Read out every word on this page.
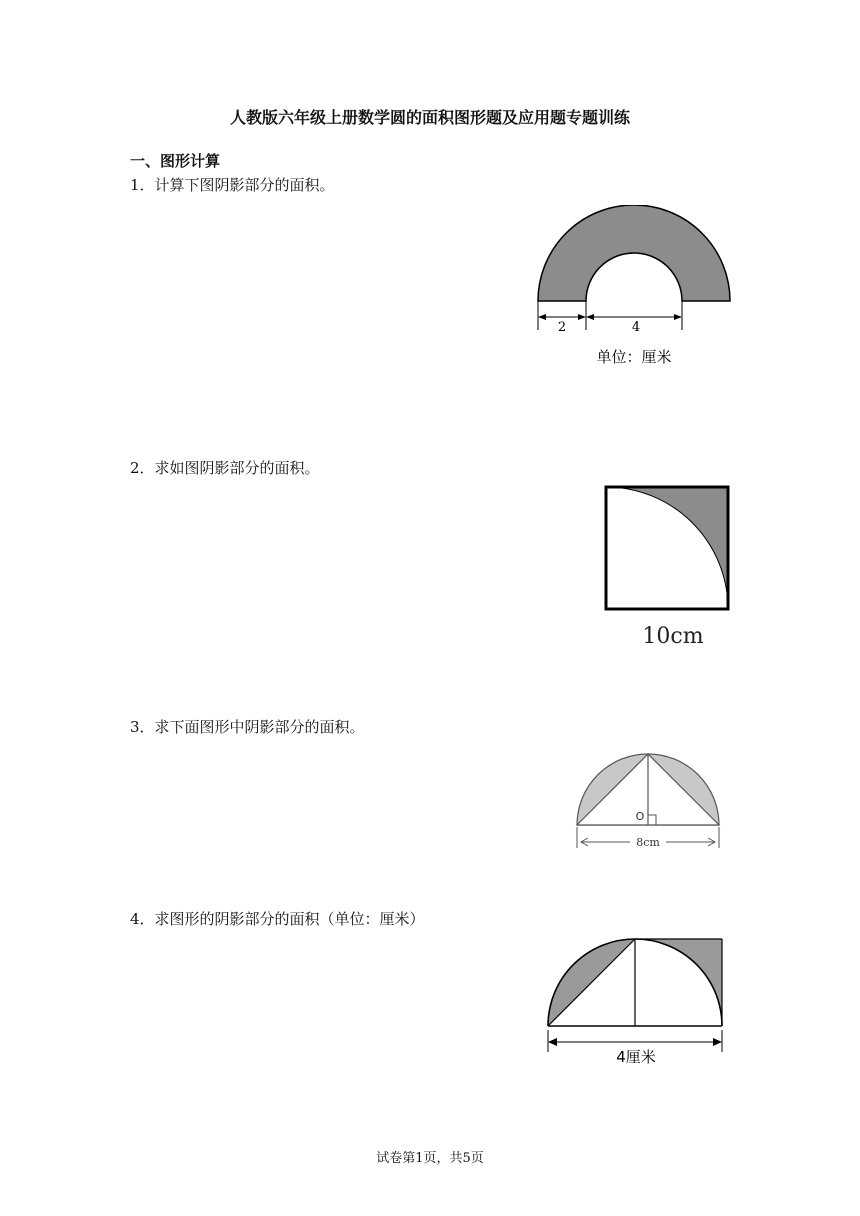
人教版六年级上册数学圆的面积图形题及应用题专题训练
一、图形计算
1．计算下图阴影部分的面积。
2	4
单位：厘米
2．求如图阴影部分的面积。
10cm
3．求下面图形中阴影部分的面积。
O
8cm
4．求图形的阴影部分的面积（单位：厘米）
4厘米
试卷第1页，共5页
